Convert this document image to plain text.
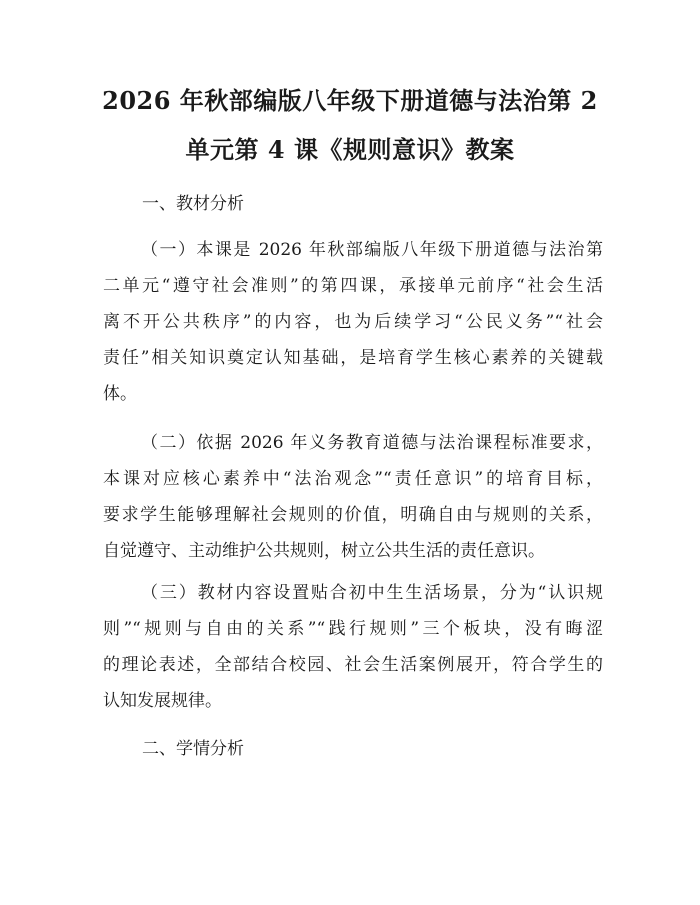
2026 年秋部编版八年级下册道德与法治第 2
单元第 4 课《规则意识》教案
一、教材分析
（一）本课是 2026 年秋部编版八年级下册道德与法治第
二单元“遵守社会准则”的第四课，承接单元前序“社会生活
离不开公共秩序”的内容，也为后续学习“公民义务”“社会
责任”相关知识奠定认知基础，是培育学生核心素养的关键载
体。
（二）依据 2026 年义务教育道德与法治课程标准要求，
本课对应核心素养中“法治观念”“责任意识”的培育目标，
要求学生能够理解社会规则的价值，明确自由与规则的关系，
自觉遵守、主动维护公共规则，树立公共生活的责任意识。
（三）教材内容设置贴合初中生生活场景，分为“认识规
则”“规则与自由的关系”“践行规则”三个板块，没有晦涩
的理论表述，全部结合校园、社会生活案例展开，符合学生的
认知发展规律。
二、学情分析
